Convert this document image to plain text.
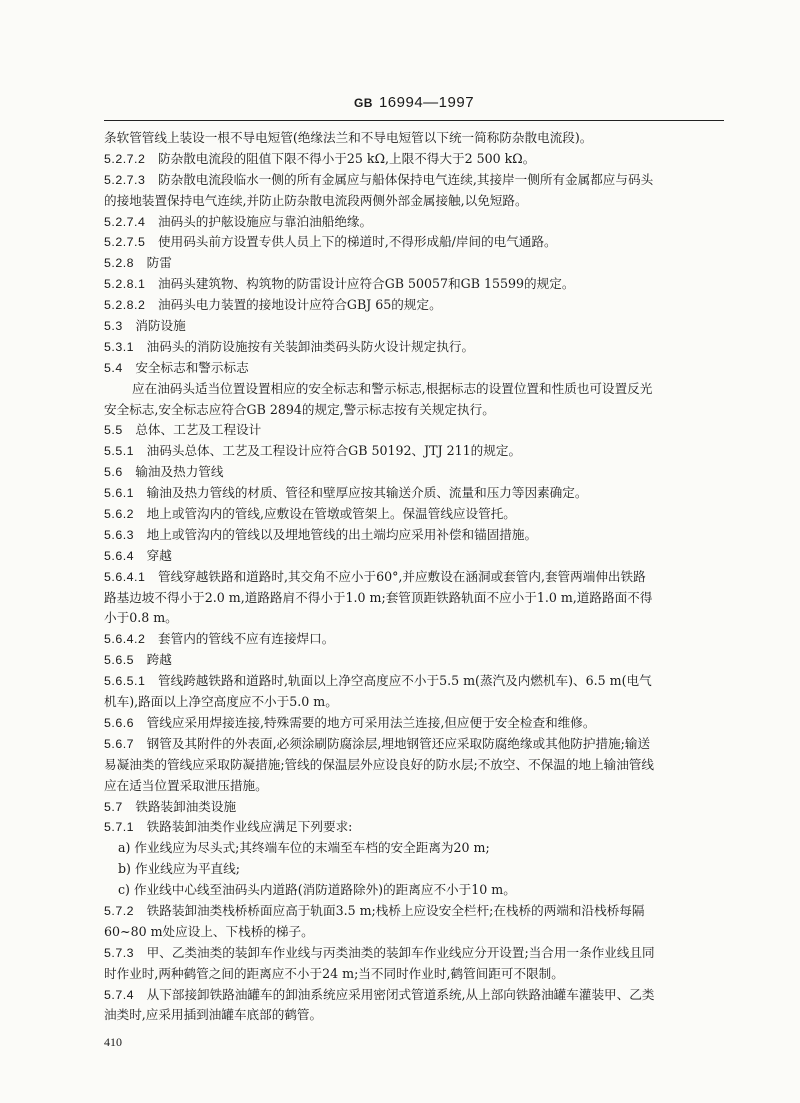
GB 16994—1997
条软管管线上装设一根不导电短管(绝缘法兰和不导电短管以下统一简称防杂散电流段)。
5.2.7.2  防杂散电流段的阻值下限不得小于25 kΩ,上限不得大于2 500 kΩ。
5.2.7.3  防杂散电流段临水一侧的所有金属应与船体保持电气连续,其接岸一侧所有金属都应与码头
的接地装置保持电气连续,并防止防杂散电流段两侧外部金属接触,以免短路。
5.2.7.4  油码头的护舷设施应与靠泊油船绝缘。
5.2.7.5  使用码头前方设置专供人员上下的梯道时,不得形成船/岸间的电气通路。
5.2.8  防雷
5.2.8.1  油码头建筑物、构筑物的防雷设计应符合GB 50057和GB 15599的规定。
5.2.8.2  油码头电力装置的接地设计应符合GBJ 65的规定。
5.3  消防设施
5.3.1  油码头的消防设施按有关装卸油类码头防火设计规定执行。
5.4  安全标志和警示标志
应在油码头适当位置设置相应的安全标志和警示标志,根据标志的设置位置和性质也可设置反光
安全标志,安全标志应符合GB 2894的规定,警示标志按有关规定执行。
5.5  总体、工艺及工程设计
5.5.1  油码头总体、工艺及工程设计应符合GB 50192、JTJ 211的规定。
5.6  输油及热力管线
5.6.1  输油及热力管线的材质、管径和壁厚应按其输送介质、流量和压力等因素确定。
5.6.2  地上或管沟内的管线,应敷设在管墩或管架上。保温管线应设管托。
5.6.3  地上或管沟内的管线以及埋地管线的出土端均应采用补偿和锚固措施。
5.6.4  穿越
5.6.4.1  管线穿越铁路和道路时,其交角不应小于60°,并应敷设在涵洞或套管内,套管两端伸出铁路
路基边坡不得小于2.0 m,道路路肩不得小于1.0 m;套管顶距铁路轨面不应小于1.0 m,道路路面不得
小于0.8 m。
5.6.4.2  套管内的管线不应有连接焊口。
5.6.5  跨越
5.6.5.1  管线跨越铁路和道路时,轨面以上净空高度应不小于5.5 m(蒸汽及内燃机车)、6.5 m(电气
机车),路面以上净空高度应不小于5.0 m。
5.6.6  管线应采用焊接连接,特殊需要的地方可采用法兰连接,但应便于安全检查和维修。
5.6.7  钢管及其附件的外表面,必须涂刷防腐涂层,埋地钢管还应采取防腐绝缘或其他防护措施;输送
易凝油类的管线应采取防凝措施;管线的保温层外应设良好的防水层;不放空、不保温的地上输油管线
应在适当位置采取泄压措施。
5.7  铁路装卸油类设施
5.7.1  铁路装卸油类作业线应满足下列要求:
a) 作业线应为尽头式;其终端车位的末端至车档的安全距离为20 m;
b) 作业线应为平直线;
c) 作业线中心线至油码头内道路(消防道路除外)的距离应不小于10 m。
5.7.2  铁路装卸油类栈桥桥面应高于轨面3.5 m;栈桥上应设安全栏杆;在栈桥的两端和沿栈桥每隔
60~80 m处应设上、下栈桥的梯子。
5.7.3  甲、乙类油类的装卸车作业线与丙类油类的装卸车作业线应分开设置;当合用一条作业线且同
时作业时,两种鹤管之间的距离应不小于24 m;当不同时作业时,鹤管间距可不限制。
5.7.4  从下部接卸铁路油罐车的卸油系统应采用密闭式管道系统,从上部向铁路油罐车灌装甲、乙类
油类时,应采用插到油罐车底部的鹤管。
410
